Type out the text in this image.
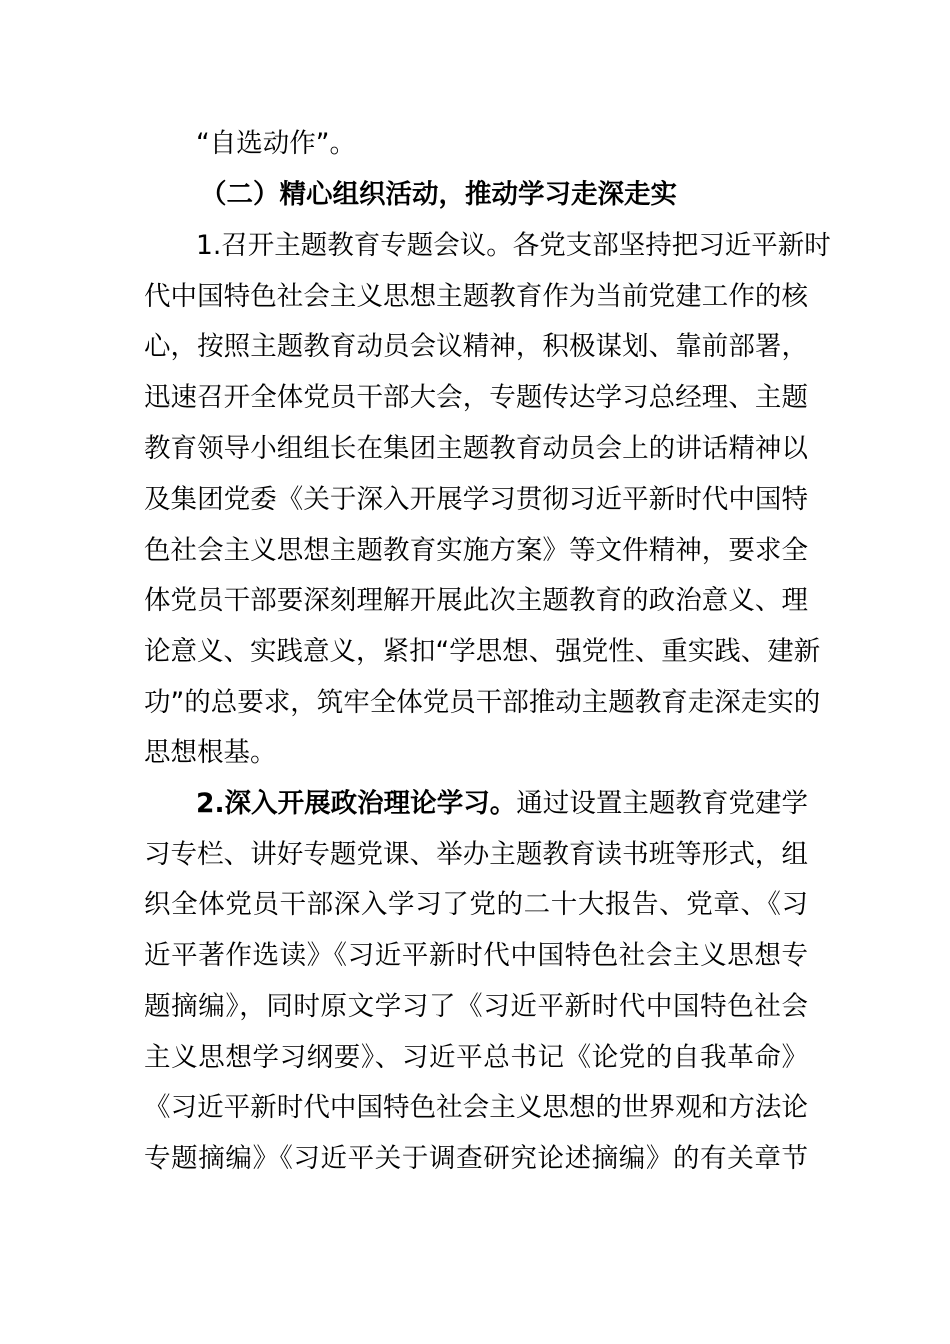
“自选动作”。
（二）精心组织活动，推动学习走深走实
1.召开主题教育专题会议。各党支部坚持把习近平新时
代中国特色社会主义思想主题教育作为当前党建工作的核
心，按照主题教育动员会议精神，积极谋划、靠前部署，
迅速召开全体党员干部大会，专题传达学习总经理、主题
教育领导小组组长在集团主题教育动员会上的讲话精神以
及集团党委《关于深入开展学习贯彻习近平新时代中国特
色社会主义思想主题教育实施方案》等文件精神，要求全
体党员干部要深刻理解开展此次主题教育的政治意义、理
论意义、实践意义，紧扣“学思想、强党性、重实践、建新
功”的总要求，筑牢全体党员干部推动主题教育走深走实的
思想根基。
2.深入开展政治理论学习。通过设置主题教育党建学
习专栏、讲好专题党课、举办主题教育读书班等形式，组
织全体党员干部深入学习了党的二十大报告、党章、《习
近平著作选读》《习近平新时代中国特色社会主义思想专
题摘编》，同时原文学习了《习近平新时代中国特色社会
主义思想学习纲要》、习近平总书记《论党的自我革命》
《习近平新时代中国特色社会主义思想的世界观和方法论
专题摘编》《习近平关于调查研究论述摘编》的有关章节
